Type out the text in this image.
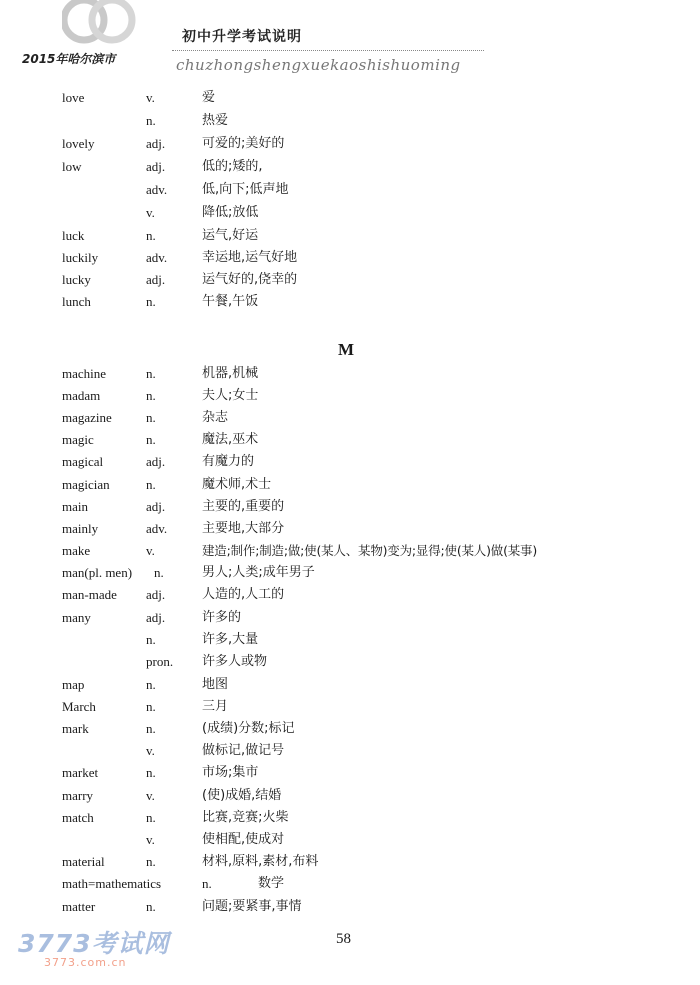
初中升学考试说明
2015年哈尔滨市	chuzhongshengxuekaoshishuoming
love	v.	爱
n.	热爱
lovely	adj.	可爱的;美好的
low	adj.	低的;矮的,
adv.	低,向下;低声地
v.	降低;放低
luck	n.	运气,好运
luckily	adv.	幸运地,运气好地
lucky	adj.	运气好的,侥幸的
lunch	n.	午餐,午饭
M
machine	n.	机器,机械
madam	n.	夫人;女士
magazine	n.	杂志
magic	n.	魔法,巫术
magical	adj.	有魔力的
magician	n.	魔术师,术士
main	adj.	主要的,重要的
mainly	adv.	主要地,大部分
make	v.	建造;制作;制造;做;使(某人、某物)变为;显得;使(某人)做(某事)
man(pl. men) n.	男人;人类;成年男子
man-made adj.	人造的,人工的
many	adj.	许多的
n.	许多,大量
pron. 许多人或物
map	n.	地图
March	n.	三月
mark	n.	(成绩)分数;标记
v.	做标记,做记号
market	n.	市场;集市
marry	v.	(使)成婚,结婚
match	n.	比赛,竞赛;火柴
v.	使相配,使成对
material	n.	材料,原料,素材,布料
math=mathematics	n.	数学
matter	n.	问题;要紧事,事情
58
3773考试网
3773.com.cn
